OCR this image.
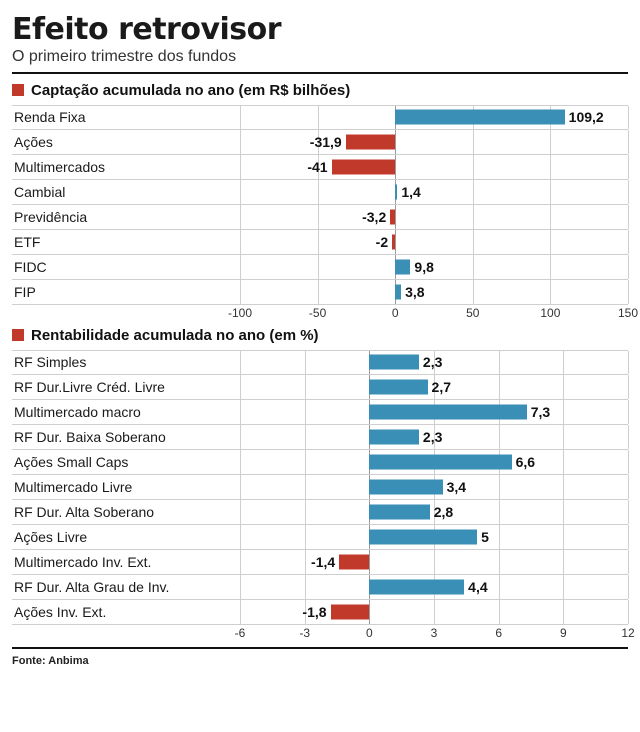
Efeito retrovisor
O primeiro trimestre dos fundos
Captação acumulada no ano (em R$ bilhões)
Renda Fixa	109,2
Ações	-31,9
Multimercados	-41
Cambial	1,4
Previdência	-3,2
ETF	-2
FIDC	9,8
FIP	3,8
-100	-50	0	50	100	150
Rentabilidade acumulada no ano (em %)
RF Simples	2,3
RF Dur.Livre Créd. Livre	2,7
Multimercado macro	7,3
RF Dur. Baixa Soberano	2,3
Ações Small Caps	6,6
Multimercado Livre	3,4
RF Dur. Alta Soberano	2,8
Ações Livre	5
Multimercado Inv. Ext.	-1,4
RF Dur. Alta Grau de Inv.	4,4
Ações Inv. Ext.	-1,8
-6	-3	0	3	6	9	12
Fonte: Anbima
